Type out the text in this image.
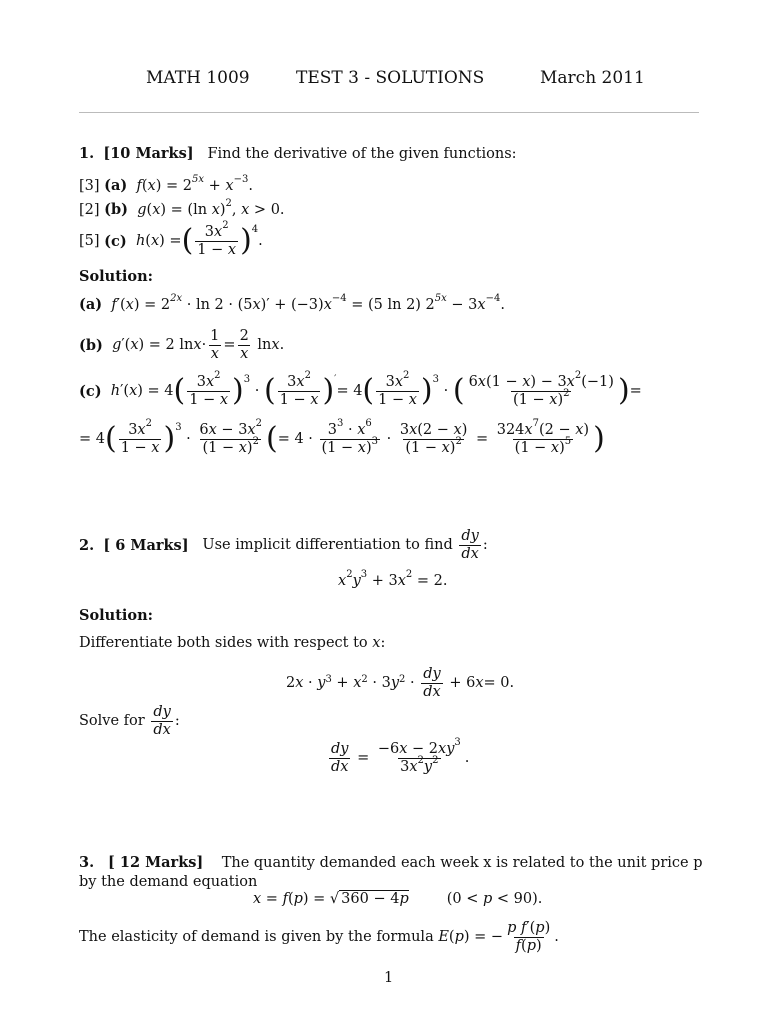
MATH 1009	TEST 3 - SOLUTIONS	March 2011
1.
[10 Marks]
Find the derivative of the given functions:
[3]
(a)
$f(x) = 2^{5x} + x^{-3}$.
[2]
(b)
g(x) = (ln x)$^2$, x > 0.
[5]
(c)
h ( x ) = ( $\frac{3x^2}{1 - x} )^4$
.
Solution:
(a)
$f'(x) = 2^{2x} \cdot \ln 2 \cdot (5x)' + (-3)x^{-4} = (5$ ln 2) $2^{5x} - 3x^{-4}$.
(b)
g ′( x ) = 2 $\ln x \cdot \frac{1}{x} = \frac{2}{x}$ ln x .
(c)
h ′( x ) = 4 ( $\frac{3x^2}{1 - x} )^3$
· ( $\frac{3x^2}{1 - x} )'$
= 4 ( $\frac{3x^2}{1 - x} )^3$
· ( $\frac{6x(1 - x) - 3x^2(-1)}{(1 - x)^2}$ ) =
= 4 ( $\frac{3x^2}{1 - x} )^3$
· $\frac{6x - 3x^2}{(1 - x)^2}$ ( = $4 \cdot \frac{3^3 \cdot x^6}{(1 - x)^3} \cdot \frac{3x(2 - x)}{(1 - x)^2} = \frac{324x^7(2 - x)}{(1 - x)^5}$ )
2.
[ 6 Marks]
Use implicit differentiation to find
$\frac{dy}{dx}$ :
$x^2y^3 + 3x^2 = 2$.
Solution:
Differentiate both sides with respect to x:
2 $x \cdot y^3 + x^2 \cdot 3$ $y^2 \cdot \frac{dy}{dx} + 6$ x = 0.
Solve for
$\frac{dy}{dx}$ :
$\frac{dy}{dx} = \frac{-6x - 2xy^3}{3x^2y^2}$ .
3. [ 12 Marks] The quantity demanded each week x is related to the unit price p by the demand equation
x = f ( p ) = √ 360 − 4p	(0 < p < 90).
The elasticity of demand is given by the formula
E ( p ) = − $\frac{\text{p f′(p)}}{f(p)}$ .
1
